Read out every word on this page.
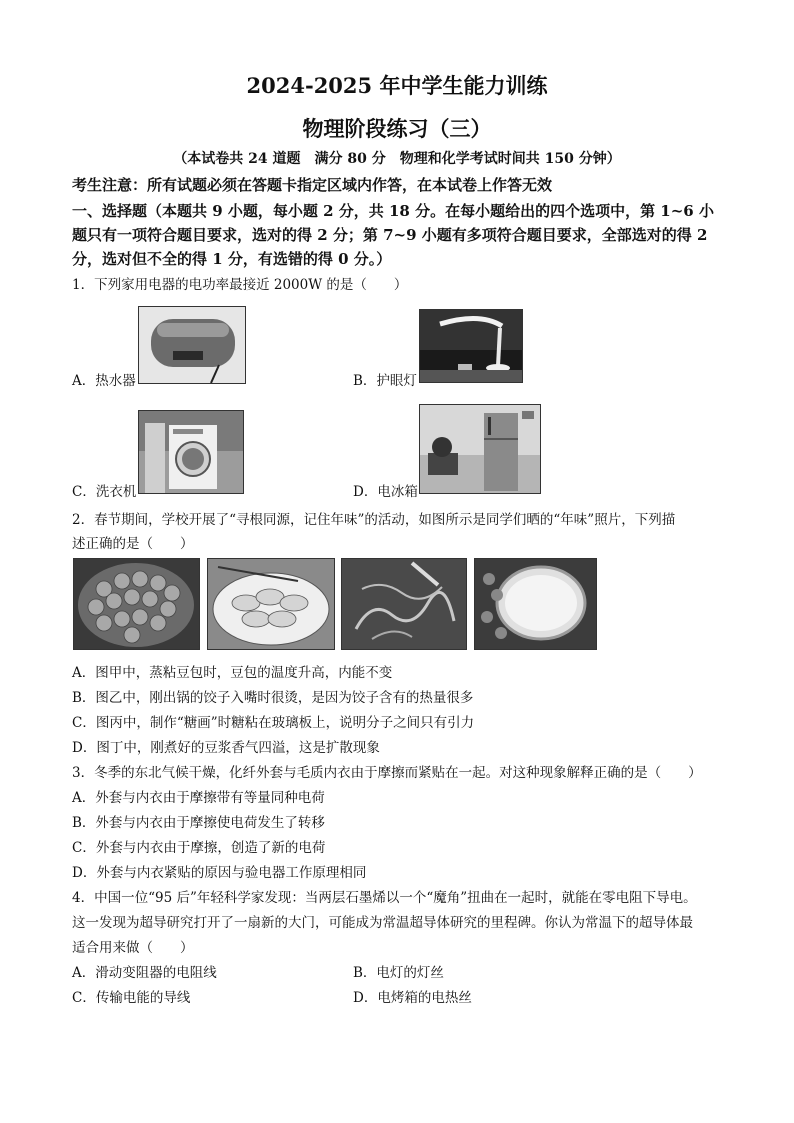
2024-2025 年中学生能力训练
物理阶段练习（三）
（本试卷共 24 道题　满分 80 分　物理和化学考试时间共 150 分钟）
考生注意：所有试题必须在答题卡指定区域内作答，在本试卷上作答无效
一、选择题（本题共 9 小题，每小题 2 分，共 18 分。在每小题给出的四个选项中，第 1~6 小
题只有一项符合题目要求，选对的得 2 分；第 7~9 小题有多项符合题目要求，全部选对的得 2
分，选对但不全的得 1 分，有选错的得 0 分。）
1．下列家用电器的电功率最接近 2000W 的是（　　）
A．热水器	B．护眼灯
C．洗衣机	D．电冰箱
2．春节期间，学校开展了“寻根同源，记住年味”的活动，如图所示是同学们晒的“年味”照片，下列描
述正确的是（　　）
A．图甲中，蒸粘豆包时，豆包的温度升高，内能不变
B．图乙中，刚出锅的饺子入嘴时很烫，是因为饺子含有的热量很多
C．图丙中，制作“糖画”时糖粘在玻璃板上，说明分子之间只有引力
D．图丁中，刚煮好的豆浆香气四溢，这是扩散现象
3．冬季的东北气候干燥，化纤外套与毛质内衣由于摩擦而紧贴在一起。对这种现象解释正确的是（　　）
A．外套与内衣由于摩擦带有等量同种电荷
B．外套与内衣由于摩擦使电荷发生了转移
C．外套与内衣由于摩擦，创造了新的电荷
D．外套与内衣紧贴的原因与验电器工作原理相同
4．中国一位“95 后”年轻科学家发现：当两层石墨烯以一个“魔角”扭曲在一起时，就能在零电阻下导电。
这一发现为超导研究打开了一扇新的大门，可能成为常温超导体研究的里程碑。你认为常温下的超导体最
适合用来做（　　）
A．滑动变阻器的电阻线	B．电灯的灯丝
C．传输电能的导线	D．电烤箱的电热丝
